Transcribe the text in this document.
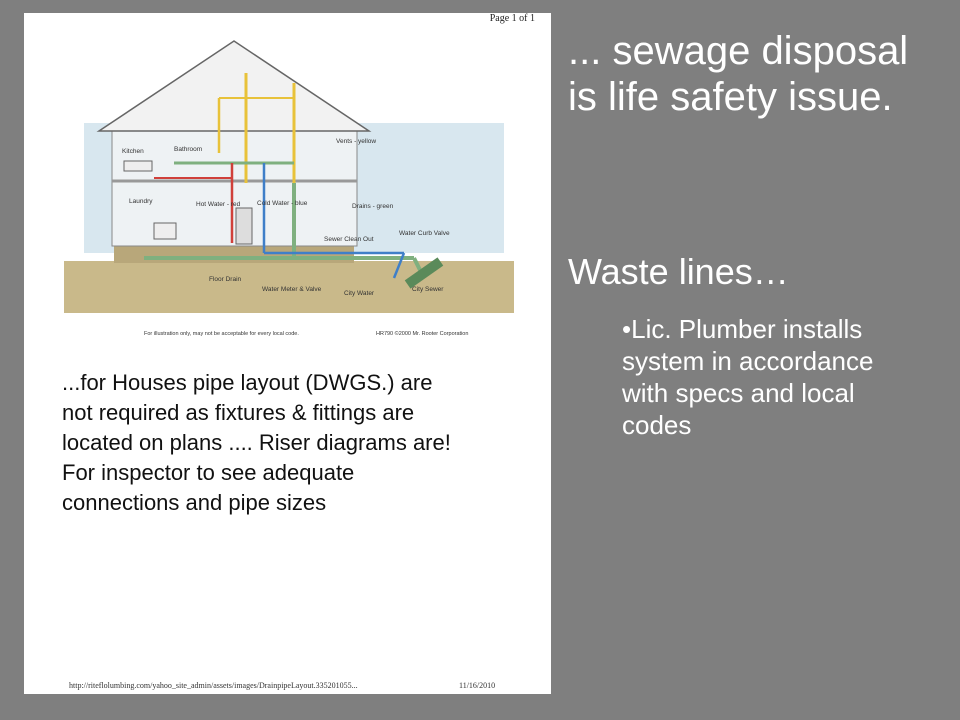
Page 1 of 1
Kitchen	Bathroom
Vents - yellow
Laundry	Hot Water - red	Cold Water - blue	Drains - green
Sewer Clean Out
Water Curb Valve
Floor Drain
Water Meter & Valve
City Water
City Sewer
For illustration only, may not be acceptable for every local code.	HR790 ©2000 Mr. Rooter Corporation
...for Houses pipe layout (DWGS.) are not required as fixtures & fittings are located on plans .... Riser diagrams are! For inspector to see adequate connections and pipe sizes
http://riteflolumbing.com/yahoo_site_admin/assets/images/DrainpipeLayout.335201055...	11/16/2010
... sewage disposal is life safety issue.
Waste lines…
•Lic. Plumber installs system in accordance with specs and local codes
